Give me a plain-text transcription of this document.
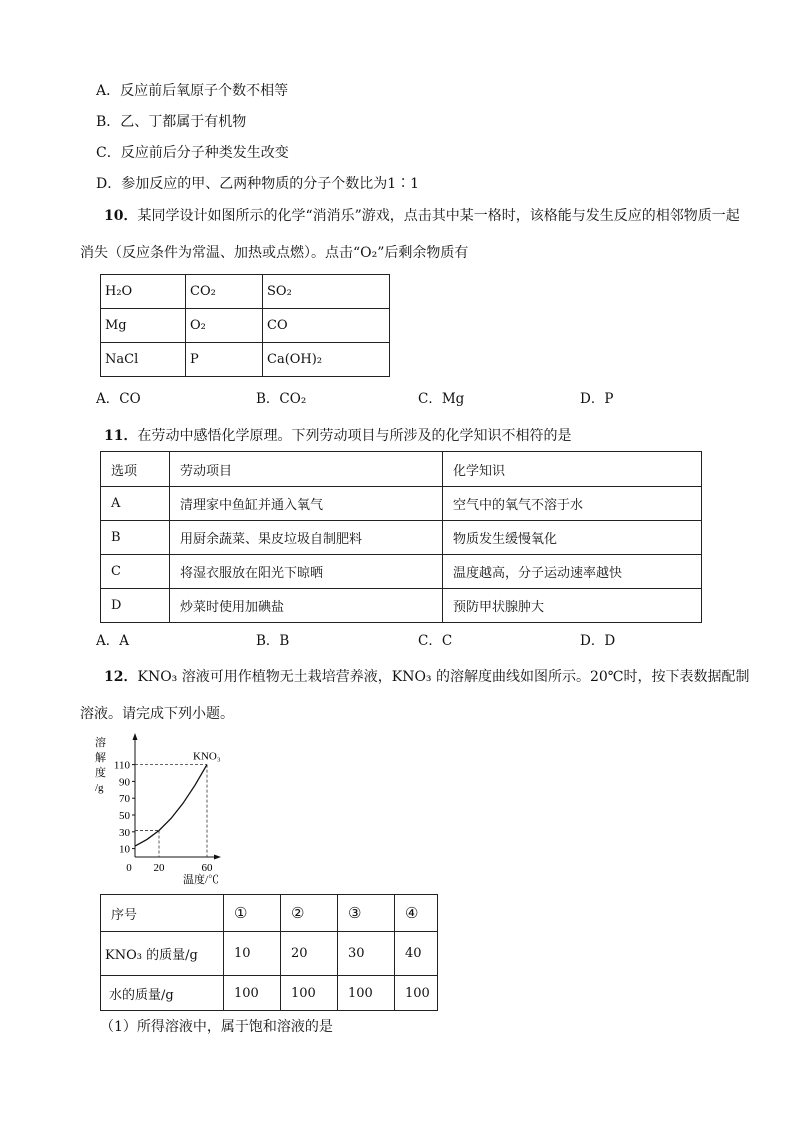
A．反应前后氧原子个数不相等
B．乙、丁都属于有机物
C．反应前后分子种类发生改变
D．参加反应的甲、乙两种物质的分子个数比为1∶1
10．某同学设计如图所示的化学“消消乐”游戏，点击其中某一格时，该格能与发生反应的相邻物质一起
消失（反应条件为常温、加热或点燃）。点击“O₂”后剩余物质有
H₂O	CO₂	SO₂
Mg	O₂	CO
NaCl	P	Ca(OH)₂
A．CO	B．CO₂	C．Mg	D．P
11．在劳动中感悟化学原理。下列劳动项目与所涉及的化学知识不相符的是
选项	劳动项目	化学知识
A	清理家中鱼缸并通入氧气	空气中的氧气不溶于水
B	用厨余蔬菜、果皮垃圾自制肥料	物质发生缓慢氧化
C	将湿衣服放在阳光下晾晒	温度越高，分子运动速率越快
D	炒菜时使用加碘盐	预防甲状腺肿大
A．A	B．B	C．C	D．D
12．KNO₃ 溶液可用作植物无土栽培营养液，KNO₃ 的溶解度曲线如图所示。20℃时，按下表数据配制
溶液。请完成下列小题。
溶
解
度
/g
10
30
50
70
90
110
0 20	60
KNO₃
温度/℃
序号	①	②	③	④
KNO₃ 的质量/g	10	20	30	40
水的质量/g	100	100	100	100
（1）所得溶液中，属于饱和溶液的是
